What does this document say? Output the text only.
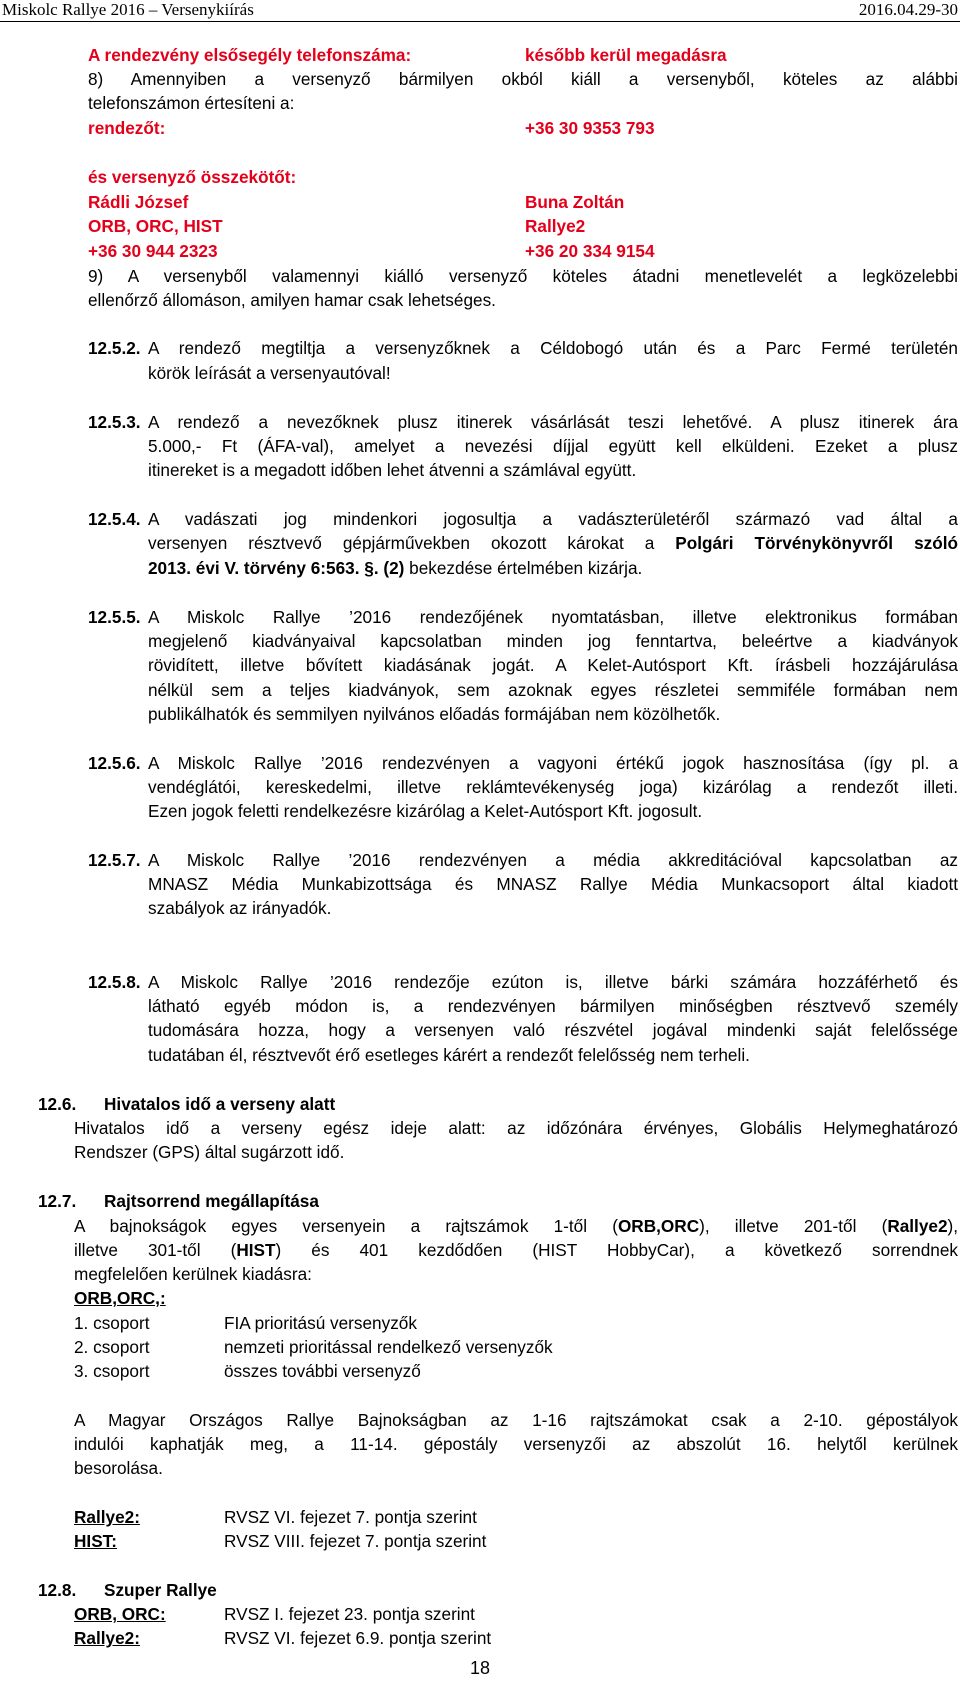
Miskolc Rallye 2016 – Versenykiírás	2016.04.29-30
A rendezvény elsősegély telefonszáma:	később kerül megadásra
8) Amennyiben a versenyző bármilyen okból kiáll a versenyből, köteles az alábbi
telefonszámon értesíteni a:
rendezőt:	+36 30 9353 793
és versenyző összekötőt:
Rádli József	Buna Zoltán
ORB, ORC, HIST	Rallye2
+36 30 944 2323	+36 20 334 9154
9) A versenyből valamennyi kiálló versenyző köteles átadni menetlevelét a legközelebbi
ellenőrző állomáson, amilyen hamar csak lehetséges.
12.5.2. A rendező megtiltja a versenyzőknek a Céldobogó után és a Parc Fermé területén
körök leírását a versenyautóval!
12.5.3. A rendező a nevezőknek plusz itinerek vásárlását teszi lehetővé. A plusz itinerek ára
5.000,- Ft (ÁFA-val), amelyet a nevezési díjjal együtt kell elküldeni. Ezeket a plusz
itinereket is a megadott időben lehet átvenni a számlával együtt.
12.5.4. A vadászati jog mindenkori jogosultja a vadászterületéről származó vad által a
versenyen résztvevő gépjárművekben okozott károkat a Polgári Törvénykönyvről szóló
2013. évi V. törvény 6:563. §. (2) bekezdése értelmében kizárja.
12.5.5. A Miskolc Rallye ’2016 rendezőjének nyomtatásban, illetve elektronikus formában
megjelenő kiadványaival kapcsolatban minden jog fenntartva, beleértve a kiadványok
rövidített, illetve bővített kiadásának jogát. A Kelet-Autósport Kft. írásbeli hozzájárulása
nélkül sem a teljes kiadványok, sem azoknak egyes részletei semmiféle formában nem
publikálhatók és semmilyen nyilvános előadás formájában nem közölhetők.
12.5.6. A Miskolc Rallye ’2016 rendezvényen a vagyoni értékű jogok hasznosítása (így pl. a
vendéglátói, kereskedelmi, illetve reklámtevékenység joga) kizárólag a rendezőt illeti.
Ezen jogok feletti rendelkezésre kizárólag a Kelet-Autósport Kft. jogosult.
12.5.7. A Miskolc Rallye ’2016 rendezvényen a média akkreditációval kapcsolatban az
MNASZ Média Munkabizottsága és MNASZ Rallye Média Munkacsoport által kiadott
szabályok az irányadók.
12.5.8. A Miskolc Rallye ’2016 rendezője ezúton is, illetve bárki számára hozzáférhető és
látható egyéb módon is, a rendezvényen bármilyen minőségben résztvevő személy
tudomására hozza, hogy a versenyen való részvétel jogával mindenki saját felelőssége
tudatában él, résztvevőt érő esetleges kárért a rendezőt felelősség nem terheli.
12.6. Hivatalos idő a verseny alatt
Hivatalos idő a verseny egész ideje alatt: az időzónára érvényes, Globális Helymeghatározó
Rendszer (GPS) által sugárzott idő.
12.7. Rajtsorrend megállapítása
A bajnokságok egyes versenyein a rajtszámok 1-től (ORB,ORC), illetve 201-től (Rallye2),
illetve 301-től (HIST) és 401 kezdődően (HIST HobbyCar), a következő sorrendnek
megfelelően kerülnek kiadásra:
ORB,ORC,:
1. csoport	FIA prioritású versenyzők
2. csoport	nemzeti prioritással rendelkező versenyzők
3. csoport	összes további versenyző
A Magyar Országos Rallye Bajnokságban az 1-16 rajtszámokat csak a 2-10. gépostályok
indulói kaphatják meg, a 11-14. gépostály versenyzői az abszolút 16. helytől kerülnek
besorolása.
Rallye2:	RVSZ VI. fejezet 7. pontja szerint
HIST:	RVSZ VIII. fejezet 7. pontja szerint
12.8. Szuper Rallye
ORB, ORC:	RVSZ I. fejezet 23. pontja szerint
Rallye2:	RVSZ VI. fejezet 6.9. pontja szerint
18
